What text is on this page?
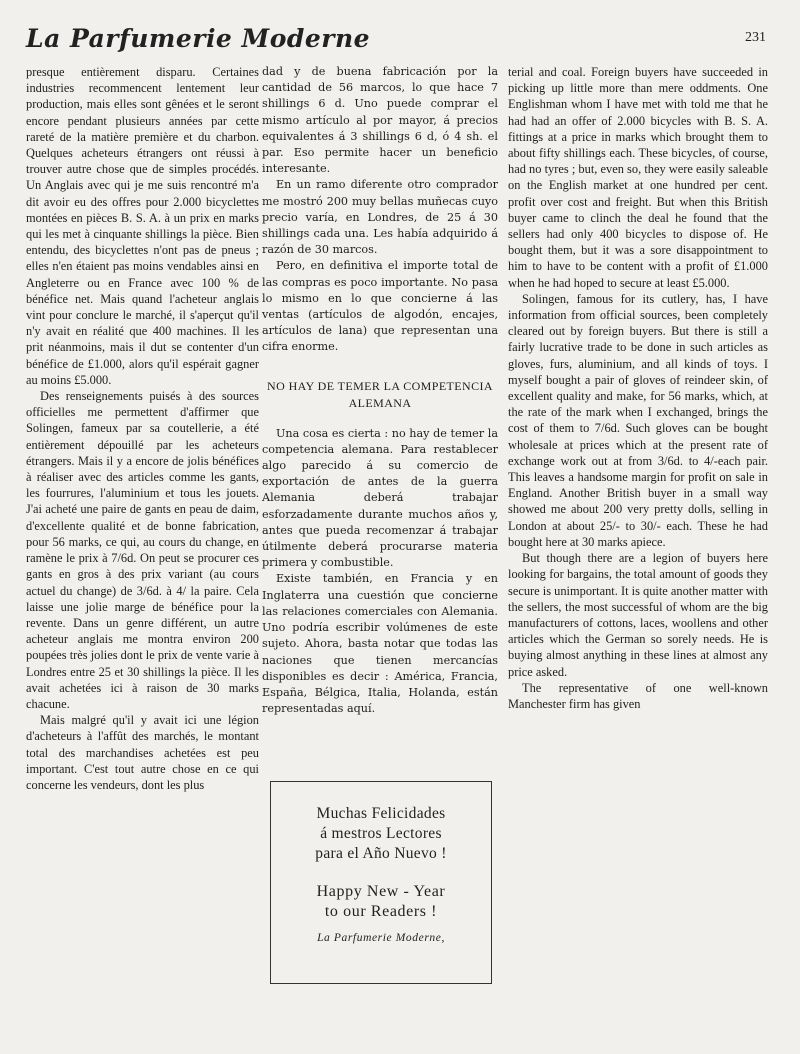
La Parfumerie Moderne	231

presque entièrement disparu. Certaines industries recommencent lentement leur production, mais elles sont gênées et le seront encore pendant plusieurs années par cette rareté de la matière première et du charbon. Quelques acheteurs étrangers ont réussi à trouver autre chose que de simples procédés. Un Anglais avec qui je me suis rencontré m'a dit avoir eu des offres pour 2.000 bicyclettes montées en pièces B. S. A. à un prix en marks qui les met à cinquante shillings la pièce. Bien entendu, des bicyclettes n'ont pas de pneus ; elles n'en étaient pas moins vendables ainsi en Angleterre ou en France avec 100 % de bénéfice net. Mais quand l'acheteur anglais vint pour conclure le marché, il s'aperçut qu'il n'y avait en réalité que 400 machines. Il les prit néanmoins, mais il dut se contenter d'un bénéfice de £1.000, alors qu'il espérait gagner au moins £5.000.

Des renseignements puisés à des sources officielles me permettent d'affirmer que Solingen, fameux par sa coutellerie, a été entièrement dépouillé par les acheteurs étrangers. Mais il y a encore de jolis bénéfices à réaliser avec des articles comme les gants, les fourrures, l'aluminium et tous les jouets. J'ai acheté une paire de gants en peau de daim, d'excellente qualité et de bonne fabrication, pour 56 marks, ce qui, au cours du change, en ramène le prix à 7/6d. On peut se procurer ces gants en gros à des prix variant (au cours actuel du change) de 3/6d. à 4/ la paire. Cela laisse une jolie marge de bénéfice pour la revente. Dans un genre différent, un autre acheteur anglais me montra environ 200 poupées très jolies dont le prix de vente varie à Londres entre 25 et 30 shillings la pièce. Il les avait achetées ici à raison de 30 marks chacune.

Mais malgré qu'il y avait ici une légion d'acheteurs à l'affût des marchés, le montant total des marchandises achetées est peu important. C'est tout autre chose en ce qui concerne les vendeurs, dont les plus

dad y de buena fabricación por la cantidad de 56 marcos, lo que hace 7 shillings 6 d. Uno puede comprar el mismo artículo al por mayor, á precios equivalentes á 3 shillings 6 d, ó 4 sh. el par. Eso permite hacer un beneficio interesante.

En un ramo diferente otro comprador me mostró 200 muy bellas muñecas cuyo precio varía, en Londres, de 25 á 30 shillings cada una. Les había adquirido á razón de 30 marcos.

Pero, en definitiva el importe total de las compras es poco importante. No pasa lo mismo en lo que concierne á las ventas (artículos de algodón, encajes, artículos de lana) que representan una cifra enorme.

NO HAY DE TEMER LA COMPETENCIA ALEMANA

Una cosa es cierta : no hay de temer la competencia alemana. Para restablecer algo parecido á su comercio de exportación de antes de la guerra Alemania deberá trabajar esforzadamente durante muchos años y, antes que pueda recomenzar á trabajar útilmente deberá procurarse materia primera y combustible.

Existe también, en Francia y en Inglaterra una cuestión que concierne las relaciones comerciales con Alemania. Uno podría escribir volúmenes de este sujeto. Ahora, basta notar que todas las naciones que tienen mercancías disponibles es decir : América, Francia, España, Bélgica, Italia, Holanda, están representadas aquí.

Muchas Felicidades
á mestros Lectores
para el Año Nuevo !
Happy New - Year
to our Readers !
La Parfumerie Moderne,

terial and coal. Foreign buyers have succeeded in picking up little more than mere oddments. One Englishman whom I have met with told me that he had had an offer of 2.000 bicycles with B. S. A. fittings at a price in marks which brought them to about fifty shillings each. These bicycles, of course, had no tyres ; but, even so, they were easily saleable on the English market at one hundred per cent. profit over cost and freight. But when this British buyer came to clinch the deal he found that the sellers had only 400 bicycles to dispose of. He bought them, but it was a sore disappointment to him to have to be content with a profit of £1.000 when he had hoped to secure at least £5.000.

Solingen, famous for its cutlery, has, I have information from official sources, been completely cleared out by foreign buyers. But there is still a fairly lucrative trade to be done in such articles as gloves, furs, aluminium, and all kinds of toys. I myself bought a pair of gloves of reindeer skin, of excellent quality and make, for 56 marks, which, at the rate of the mark when I exchanged, brings the cost of them to 7/6d. Such gloves can be bought wholesale at prices which at the present rate of exchange work out at from 3/6d. to 4/-each pair. This leaves a handsome margin for profit on sale in England. Another British buyer in a small way showed me about 200 very pretty dolls, selling in London at about 25/- to 30/- each. These he had bought here at 30 marks apiece.

But though there are a legion of buyers here looking for bargains, the total amount of goods they secure is unimportant. It is quite another matter with the sellers, the most successful of whom are the big manufacturers of cottons, laces, woollens and other articles which the German so sorely needs. He is buying almost anything in these lines at almost any price asked.

The representative of one well-known Manchester firm has given
